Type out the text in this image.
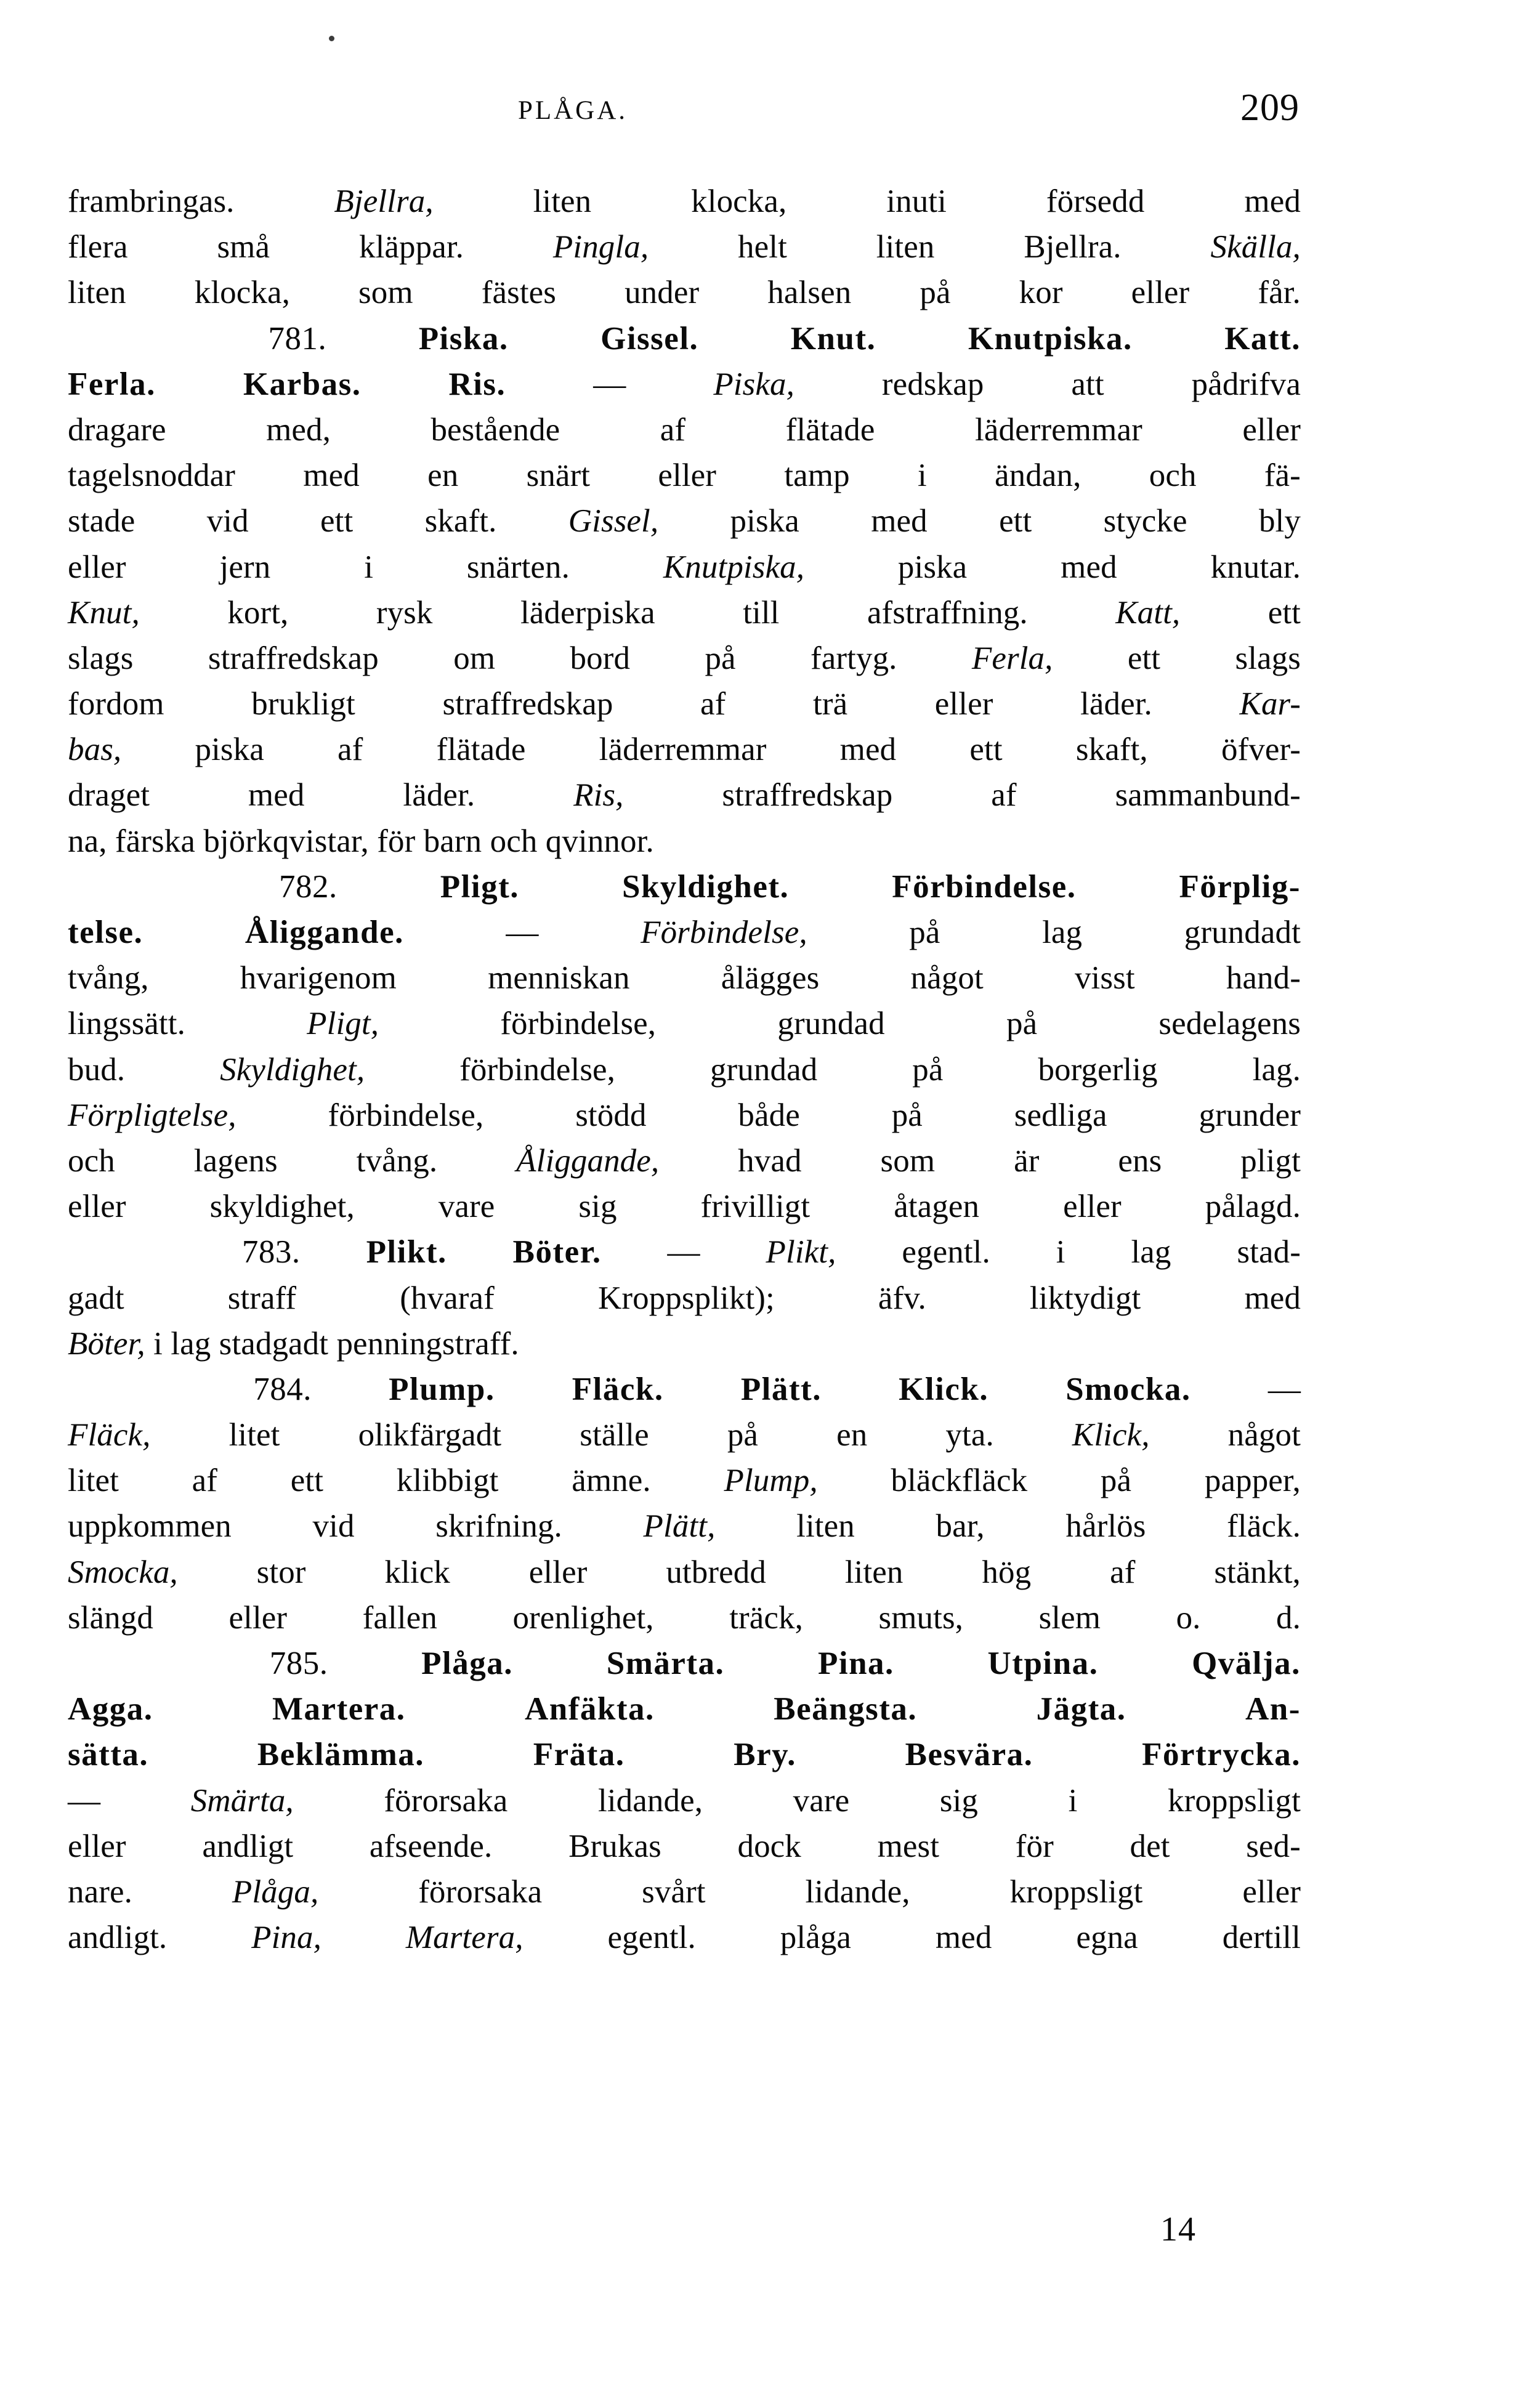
PLÅGA.	209
frambringas.	Bjellra,	liten	klocka,	inuti	försedd	med
flera	små	kläppar.	Pingla,	helt	liten	Bjellra.	Skälla,
liten klocka, som fästes under halsen på kor eller får.
781.	Piska.	Gissel.	Knut.	Knutpiska.	Katt.
Ferla.	Karbas.	Ris.	—	Piska,	redskap	att	pådrifva
dragare	med,	bestående	af	flätade	läderremmar	eller
tagelsnoddar med en snärt eller tamp i ändan, och fä-
stade vid ett skaft. Gissel, piska med ett stycke bly
eller	jern	i	snärten.	Knutpiska,	piska	med	knutar.
Knut,	kort,	rysk	läderpiska	till	afstraffning.	Katt,	ett
slags straffredskap om bord på fartyg. Ferla, ett slags
fordom	brukligt	straffredskap	af	trä	eller	läder.	Kar-
bas, piska af flätade läderremmar med ett skaft, öfver-
draget	med	läder.	Ris,	straffredskap	af	sammanbund-
na, färska björkqvistar, för barn och qvinnor.
782.	Pligt.	Skyldighet.	Förbindelse.	Förplig-
telse.	Åliggande.	—	Förbindelse,	på	lag	grundadt
tvång,	hvarigenom	menniskan	ålägges	något	visst	hand-
lingssätt.	Pligt,	förbindelse,	grundad	på	sedelagens
bud.	Skyldighet,	förbindelse,	grundad	på	borgerlig	lag.
Förpligtelse,	förbindelse,	stödd	både	på	sedliga	grunder
och lagens tvång. Åliggande, hvad som är ens pligt
eller	skyldighet,	vare	sig	frivilligt	åtagen	eller	pålagd.
783. Plikt. Böter. — Plikt, egentl. i lag stad-
gadt	straff	(hvaraf	Kroppsplikt);	äfv.	liktydigt	med
Böter, i lag stadgadt penningstraff.
784. Plump. Fläck. Plätt. Klick. Smocka. —
Fläck, litet olikfärgadt ställe på en yta. Klick, något
litet af ett klibbigt ämne. Plump, bläckfläck på papper,
uppkommen vid skrifning. Plätt, liten bar, hårlös fläck.
Smocka, stor klick eller utbredd liten hög af stänkt,
slängd eller fallen orenlighet, träck, smuts, slem o. d.
785.	Plåga.	Smärta.	Pina.	Utpina.	Qvälja.
Agga.	Martera.	Anfäkta.	Beängsta.	Jägta.	An-
sätta.	Beklämma.	Fräta.	Bry.	Besvära.	Förtrycka.
—	Smärta,	förorsaka	lidande,	vare	sig	i	kroppsligt
eller andligt afseende. Brukas dock mest för det sed-
nare.	Plåga,	förorsaka	svårt	lidande,	kroppsligt	eller
andligt.	Pina,	Martera,	egentl.	plåga	med	egna	dertill
14
